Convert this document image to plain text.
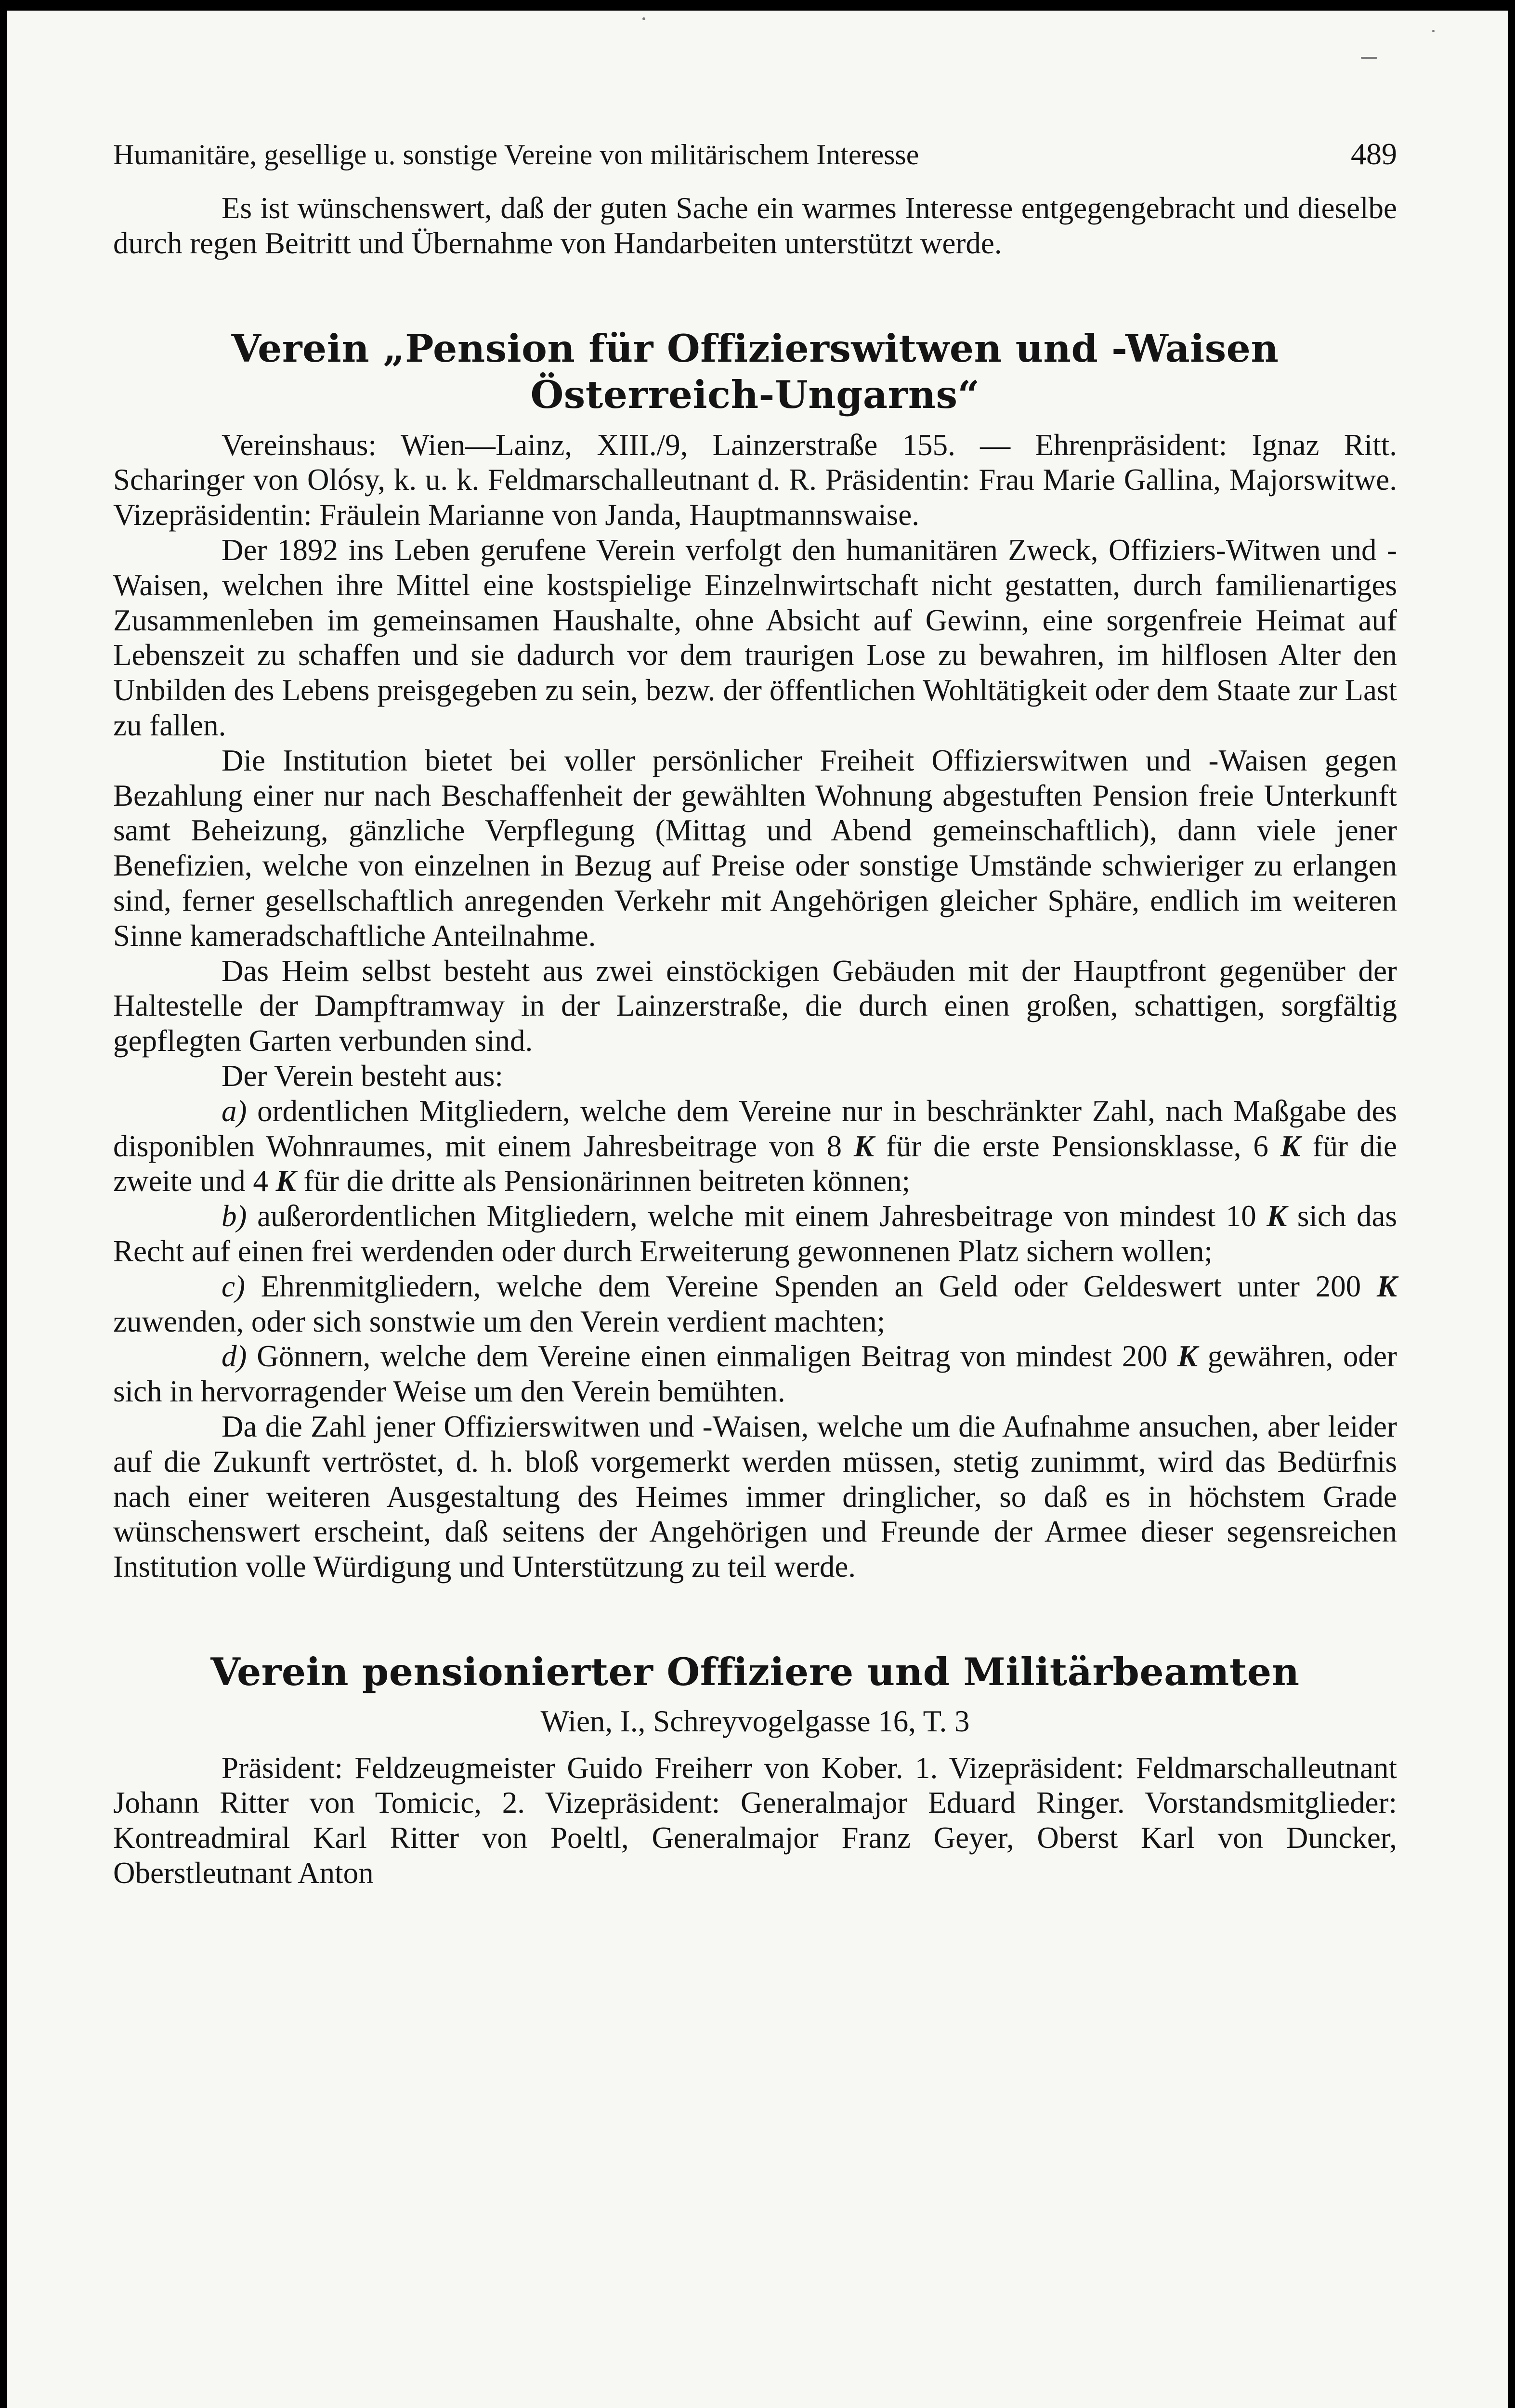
Humanitäre, gesellige u. sonstige Vereine von militärischem Interesse	489

Es ist wünschenswert, daß der guten Sache ein warmes Interesse entgegengebracht und dieselbe durch regen Beitritt und Übernahme von Handarbeiten unterstützt werde.

Verein „Pension für Offizierswitwen und -Waisen Österreich-Ungarns“

Vereinshaus: Wien—Lainz, XIII./9, Lainzerstraße 155. — Ehrenpräsident: Ignaz Ritt. Scharinger von Olósy, k. u. k. Feldmarschalleutnant d. R. Präsidentin: Frau Marie Gallina, Majorswitwe. Vizepräsidentin: Fräulein Marianne von Janda, Hauptmannswaise.

Der 1892 ins Leben gerufene Verein verfolgt den humanitären Zweck, Offiziers-Witwen und -Waisen, welchen ihre Mittel eine kostspielige Einzelnwirtschaft nicht gestatten, durch familienartiges Zusammenleben im gemeinsamen Haushalte, ohne Absicht auf Gewinn, eine sorgenfreie Heimat auf Lebenszeit zu schaffen und sie dadurch vor dem traurigen Lose zu bewahren, im hilflosen Alter den Unbilden des Lebens preisgegeben zu sein, bezw. der öffentlichen Wohltätigkeit oder dem Staate zur Last zu fallen.

Die Institution bietet bei voller persönlicher Freiheit Offizierswitwen und -Waisen gegen Bezahlung einer nur nach Beschaffenheit der gewählten Wohnung abgestuften Pension freie Unterkunft samt Beheizung, gänzliche Verpflegung (Mittag und Abend gemeinschaftlich), dann viele jener Benefizien, welche von einzelnen in Bezug auf Preise oder sonstige Umstände schwieriger zu erlangen sind, ferner gesellschaftlich anregenden Verkehr mit Angehörigen gleicher Sphäre, endlich im weiteren Sinne kameradschaftliche Anteilnahme.

Das Heim selbst besteht aus zwei einstöckigen Gebäuden mit der Hauptfront gegenüber der Haltestelle der Dampftramway in der Lainzerstraße, die durch einen großen, schattigen, sorgfältig gepflegten Garten verbunden sind.

Der Verein besteht aus:

a) ordentlichen Mitgliedern, welche dem Vereine nur in beschränkter Zahl, nach Maßgabe des disponiblen Wohnraumes, mit einem Jahresbeitrage von 8 K für die erste Pensionsklasse, 6 K für die zweite und 4 K für die dritte als Pensionärinnen beitreten können;

b) außerordentlichen Mitgliedern, welche mit einem Jahresbeitrage von mindest 10 K sich das Recht auf einen frei werdenden oder durch Erweiterung gewonnenen Platz sichern wollen;

c) Ehrenmitgliedern, welche dem Vereine Spenden an Geld oder Geldeswert unter 200 K zuwenden, oder sich sonstwie um den Verein verdient machten;

d) Gönnern, welche dem Vereine einen einmaligen Beitrag von mindest 200 K gewähren, oder sich in hervorragender Weise um den Verein bemühten.

Da die Zahl jener Offizierswitwen und -Waisen, welche um die Aufnahme ansuchen, aber leider auf die Zukunft vertröstet, d. h. bloß vorgemerkt werden müssen, stetig zunimmt, wird das Bedürfnis nach einer weiteren Ausgestaltung des Heimes immer dringlicher, so daß es in höchstem Grade wünschenswert erscheint, daß seitens der Angehörigen und Freunde der Armee dieser segensreichen Institution volle Würdigung und Unterstützung zu teil werde.

Verein pensionierter Offiziere und Militärbeamten
Wien, I., Schreyvogelgasse 16, T. 3

Präsident: Feldzeugmeister Guido Freiherr von Kober. 1. Vizepräsident: Feldmarschalleutnant Johann Ritter von Tomicic, 2. Vizepräsident: Generalmajor Eduard Ringer. Vorstandsmitglieder: Kontreadmiral Karl Ritter von Poeltl, Generalmajor Franz Geyer, Oberst Karl von Duncker, Oberstleutnant Anton
